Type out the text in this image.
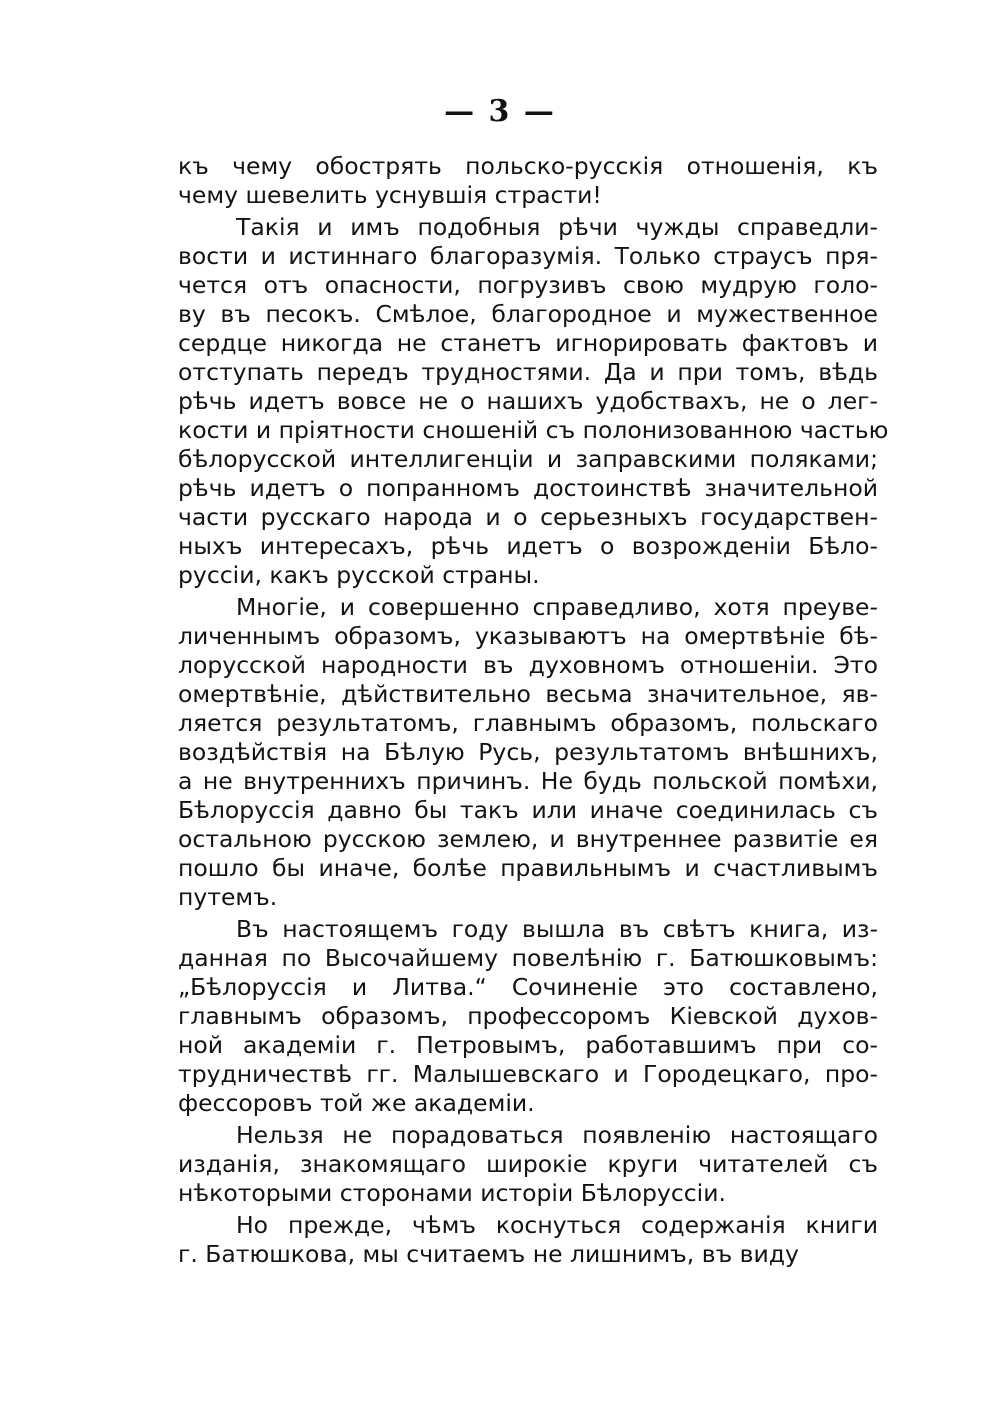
— 3 —
къ чему обострять польско-русскія отношенія, къ
чему шевелить уснувшія страсти!
Такія и имъ подобныя рѣчи чужды справедли-
вости и истиннаго благоразумія. Только страусъ пря-
чется отъ опасности, погрузивъ свою мудрую голо-
ву въ песокъ. Смѣлое, благородное и мужественное
сердце никогда не станетъ игнорировать фактовъ и
отступать передъ трудностями. Да и при томъ, вѣдь
рѣчь идетъ вовсе не о нашихъ удобствахъ, не о лег-
кости и пріятности сношеній съ полонизованною частью
бѣлорусской интеллигенціи и заправскими поляками;
рѣчь идетъ о попранномъ достоинствѣ значительной
части русскаго народа и о серьезныхъ государствен-
ныхъ интересахъ, рѣчь идетъ о возрожденіи Бѣло-
руссіи, какъ русской страны.
Многіе, и совершенно справедливо, хотя преуве-
личеннымъ образомъ, указываютъ на омертвѣніе бѣ-
лорусской народности въ духовномъ отношеніи. Это
омертвѣніе, дѣйствительно весьма значительное, яв-
ляется результатомъ, главнымъ образомъ, польскаго
воздѣйствія на Бѣлую Русь, результатомъ внѣшнихъ,
а не внутреннихъ причинъ. Не будь польской помѣхи,
Бѣлоруссія давно бы такъ или иначе соединилась съ
остальною русскою землею, и внутреннее развитіе ея
пошло бы иначе, болѣе правильнымъ и счастливымъ
путемъ.
Въ настоящемъ году вышла въ свѣтъ книга, из-
данная по Высочайшему повелѣнію г. Батюшковымъ:
„Бѣлоруссія и Литва.“ Сочиненіе это составлено,
главнымъ образомъ, профессоромъ Кіевской духов-
ной академіи г. Петровымъ, работавшимъ при со-
трудничествѣ гг. Малышевскаго и Городецкаго, про-
фессоровъ той же академіи.
Нельзя не порадоваться появленію настоящаго
изданія, знакомящаго широкіе круги читателей съ
нѣкоторыми сторонами исторіи Бѣлоруссіи.
Но прежде, чѣмъ коснуться содержанія книги
г. Батюшкова, мы считаемъ не лишнимъ, въ виду
